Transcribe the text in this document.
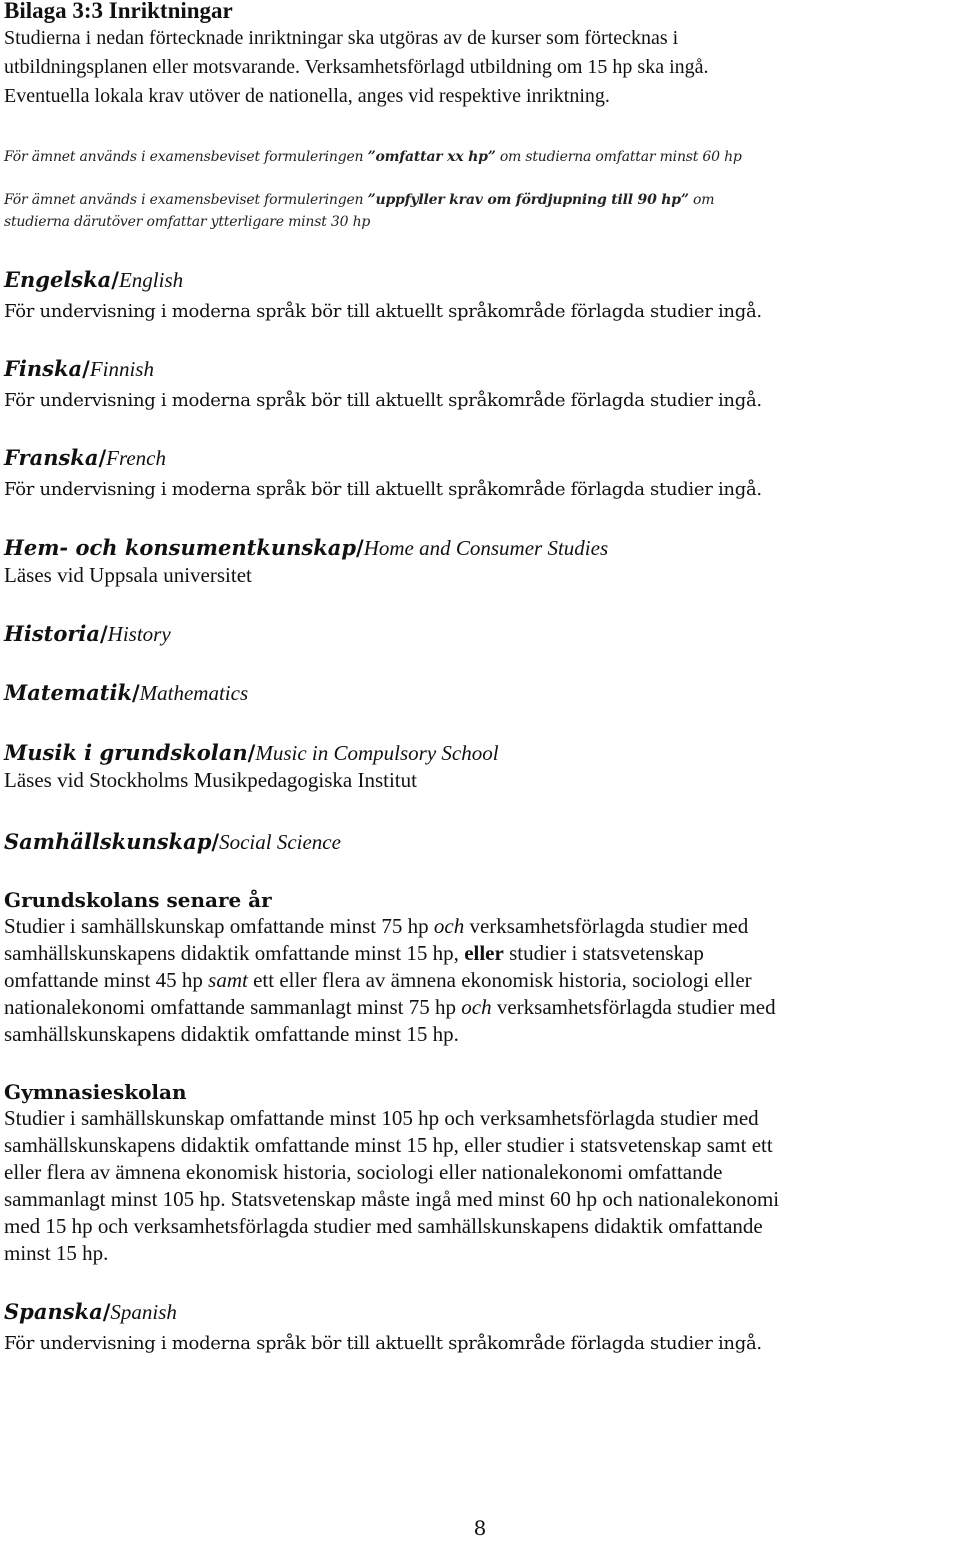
Bilaga 3:3 Inriktningar

Studierna i nedan förtecknade inriktningar ska utgöras av de kurser som förtecknas i

utbildningsplanen eller motsvarande. Verksamhetsförlagd utbildning om 15 hp ska ingå.

Eventuella lokala krav utöver de nationella, anges vid respektive inriktning.

För ämnet används i examensbeviset formuleringen ”omfattar xx hp” om studierna omfattar minst 60 hp

För ämnet används i examensbeviset formuleringen ”uppfyller krav om fördjupning till 90 hp” om

studierna därutöver omfattar ytterligare minst 30 hp

Engelska/English

För undervisning i moderna språk bör till aktuellt språkområde förlagda studier ingå.

Finska/Finnish

För undervisning i moderna språk bör till aktuellt språkområde förlagda studier ingå.

Franska/French

För undervisning i moderna språk bör till aktuellt språkområde förlagda studier ingå.

Hem- och konsumentkunskap/Home and Consumer Studies

Läses vid Uppsala universitet

Historia/History

Matematik/Mathematics

Musik i grundskolan/Music in Compulsory School

Läses vid Stockholms Musikpedagogiska Institut

Samhällskunskap/Social Science

Grundskolans senare år

Studier i samhällskunskap omfattande minst 75 hp och verksamhetsförlagda studier med

samhällskunskapens didaktik omfattande minst 15 hp, eller studier i statsvetenskap

omfattande minst 45 hp samt ett eller flera av ämnena ekonomisk historia, sociologi eller

nationalekonomi omfattande sammanlagt minst 75 hp och verksamhetsförlagda studier med

samhällskunskapens didaktik omfattande minst 15 hp.

Gymnasieskolan

Studier i samhällskunskap omfattande minst 105 hp och verksamhetsförlagda studier med

samhällskunskapens didaktik omfattande minst 15 hp, eller studier i statsvetenskap samt ett

eller flera av ämnena ekonomisk historia, sociologi eller nationalekonomi omfattande

sammanlagt minst 105 hp. Statsvetenskap måste ingå med minst 60 hp och nationalekonomi

med 15 hp och verksamhetsförlagda studier med samhällskunskapens didaktik omfattande

minst 15 hp.

Spanska/Spanish

För undervisning i moderna språk bör till aktuellt språkområde förlagda studier ingå.

8
